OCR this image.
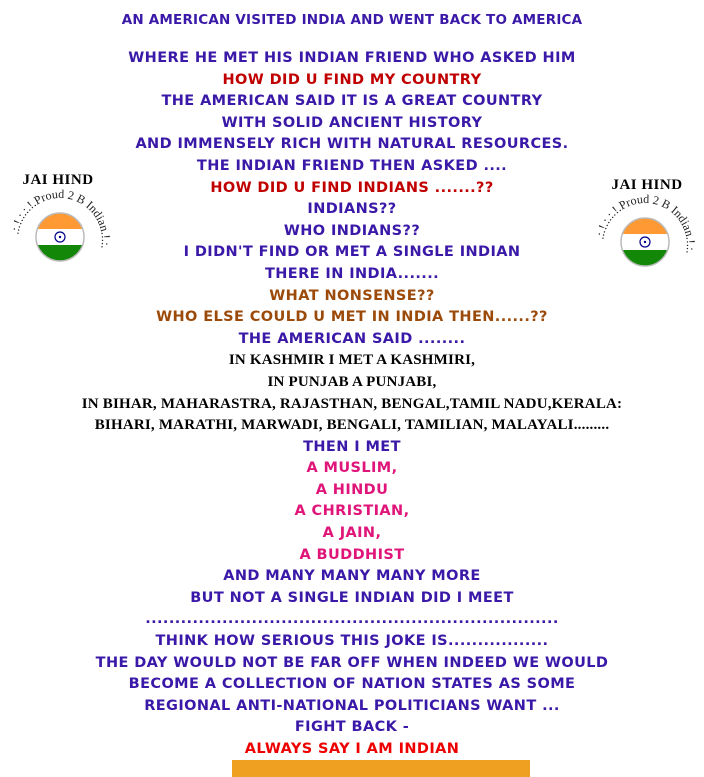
AN AMERICAN VISITED INDIA AND WENT BACK TO AMERICA
WHERE HE MET HIS INDIAN FRIEND WHO ASKED HIM
HOW DID U FIND MY COUNTRY
THE AMERICAN SAID IT IS A GREAT COUNTRY
WITH SOLID ANCIENT HISTORY
AND IMMENSELY RICH WITH NATURAL RESOURCES.
THE INDIAN FRIEND THEN ASKED ....
HOW DID U FIND INDIANS .......??
INDIANS??
WHO INDIANS??
I DIDN'T FIND OR MET A SINGLE INDIAN
THERE IN INDIA.......
WHAT NONSENSE??
WHO ELSE COULD U MET IN INDIA THEN......??
THE AMERICAN SAID ........
IN KASHMIR I MET A KASHMIRI,
IN PUNJAB A PUNJABI,
IN BIHAR, MAHARASTRA, RAJASTHAN, BENGAL,TAMIL NADU,KERALA:
BIHARI, MARATHI, MARWADI, BENGALI, TAMILIAN, MALAYALI.........
THEN I MET
A MUSLIM,
A HINDU
A CHRISTIAN,
A JAIN,
A BUDDHIST
AND MANY MANY MANY MORE
BUT NOT A SINGLE INDIAN DID I MEET
......................................................................
THINK HOW SERIOUS THIS JOKE IS.................
THE DAY WOULD NOT BE FAR OFF WHEN INDEED WE WOULD
BECOME A COLLECTION OF NATION STATES AS SOME
REGIONAL ANTI-NATIONAL POLITICIANS WANT ...
FIGHT BACK -
ALWAYS SAY I AM INDIAN
JAI HIND
.:.!.:.:.!.Proud 2 B Indian.!.:.
JAI HIND
.:.!.:.:.!.Proud 2 B Indian.!.:.
